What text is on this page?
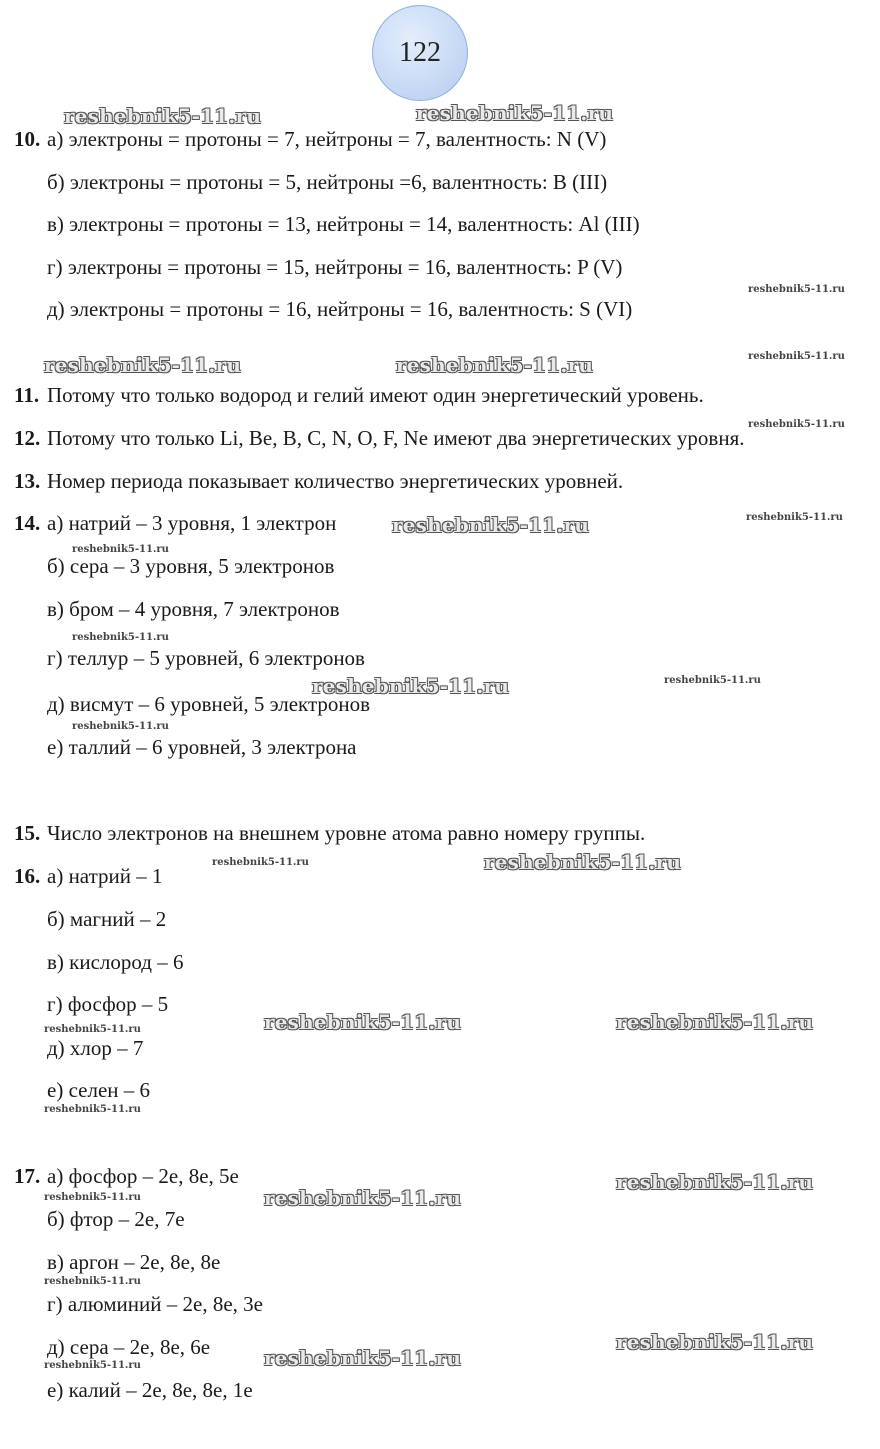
122
10. а) электроны = протоны = 7, нейтроны = 7, валентность: N (V)
б) электроны = протоны = 5, нейтроны =6, валентность: B (III)
в) электроны = протоны = 13, нейтроны = 14, валентность: Al (III)
г) электроны = протоны = 15, нейтроны = 16, валентность: P (V)
д) электроны = протоны = 16, нейтроны = 16, валентность: S (VI)
11. Потому что только водород и гелий имеют один энергетический уровень.
12. Потому что только Li, Be, B, C, N, O, F, Ne имеют два энергетических уровня.
13. Номер периода показывает количество энергетических уровней.
14. а) натрий – 3 уровня, 1 электрон
б) сера – 3 уровня, 5 электронов
в) бром – 4 уровня, 7 электронов
г) теллур – 5 уровней, 6 электронов
д) висмут – 6 уровней, 5 электронов
е) таллий – 6 уровней, 3 электрона
15. Число электронов на внешнем уровне атома равно номеру группы.
16. а) натрий – 1
б) магний – 2
в) кислород – 6
г) фосфор – 5
д) хлор – 7
е) селен – 6
17. а) фосфор – 2е, 8е, 5е
б) фтор – 2е, 7е
в) аргон – 2е, 8е, 8е
г) алюминий – 2е, 8е, 3е
д) сера – 2е, 8е, 6е
е) калий – 2е, 8е, 8е, 1е
reshebnik5-11.ru	reshebnik5-11.ru
reshebnik5-11.ru
reshebnik5-11.ru	reshebnik5-11.ru	reshebnik5-11.ru
reshebnik5-11.ru
reshebnik5-11.ru	reshebnik5-11.ru
reshebnik5-11.ru
reshebnik5-11.ru
reshebnik5-11.ru	reshebnik5-11.ru
reshebnik5-11.ru
reshebnik5-11.ru	reshebnik5-11.ru
reshebnik5-11.ru	reshebnik5-11.ru
reshebnik5-11.ru
reshebnik5-11.ru
reshebnik5-11.ru
reshebnik5-11.ru
reshebnik5-11.ru
reshebnik5-11.ru
reshebnik5-11.ru
reshebnik5-11.ru
reshebnik5-11.ru
